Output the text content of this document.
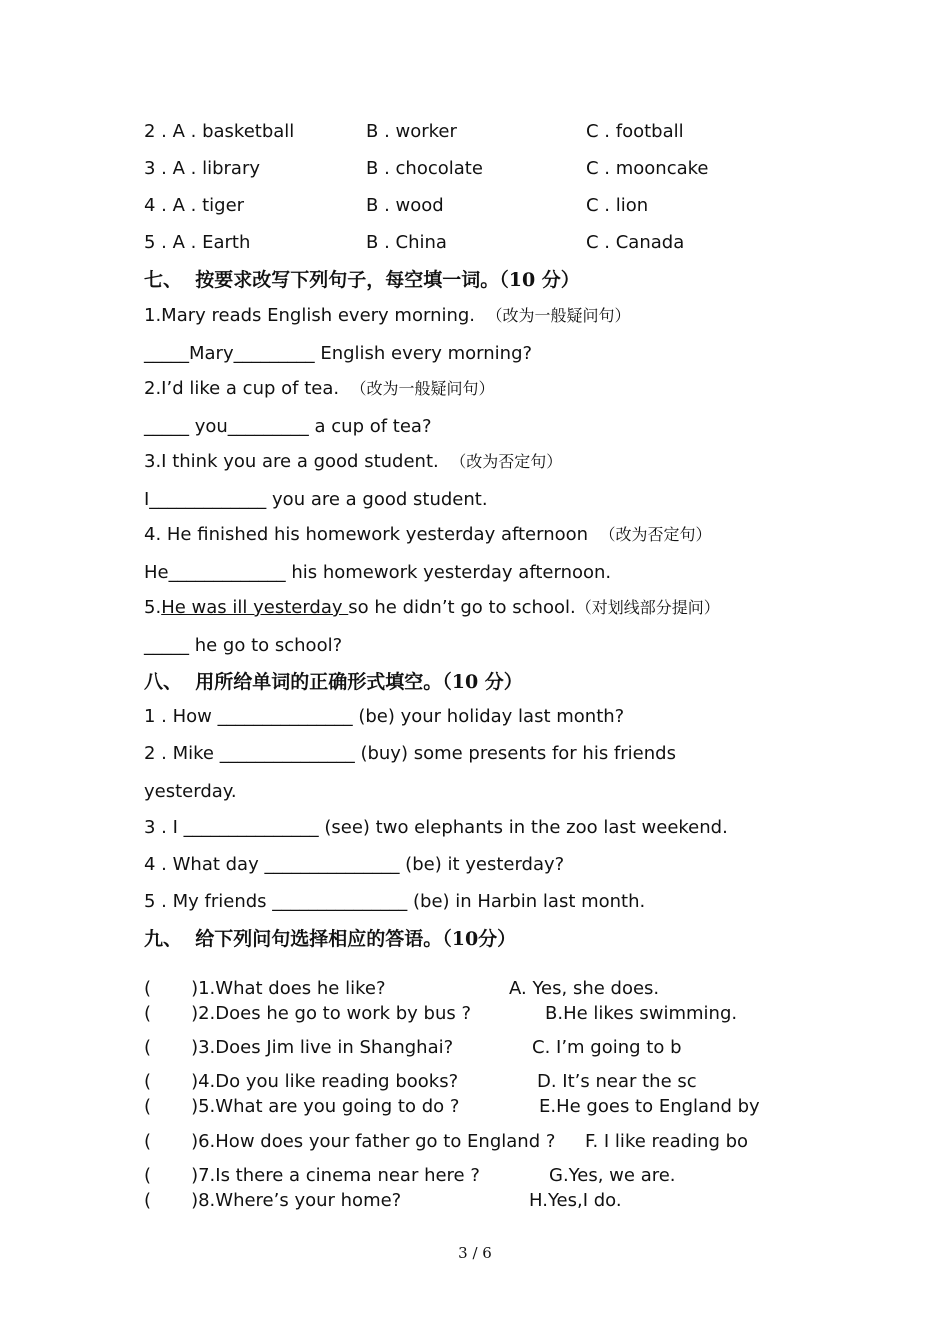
2 . A . basketball	B . worker	C . football
3 . A . library	B . chocolate	C . mooncake
4 . A . tiger	B . wood	C . lion
5 . A . Earth	B . China	C . Canada
七、  按要求改写下列句子，每空填一词。（10 分）
1.Mary reads English every morning.  （改为一般疑问句）
_____Mary_________ English every morning?
2.I’d like a cup of tea.  （改为一般疑问句）
_____ you_________ a cup of tea?
3.I think you are a good student.  （改为否定句）
I_____________ you are a good student.
4. He finished his homework yesterday afternoon  （改为否定句）
He_____________ his homework yesterday afternoon.
5.He was ill yesterday so he didn’t go to school.（对划线部分提问）
_____ he go to school?
八、  用所给单词的正确形式填空。（10 分）
1 . How _______________ (be) your holiday last month?
2 . Mike _______________ (buy) some presents for his friends
yesterday.
3 . I _______________ (see) two elephants in the zoo last weekend.
4 . What day _______________ (be) it yesterday?
5 . My friends _______________ (be) in Harbin last month.
九、  给下列问句选择相应的答语。（10分）
(       )1.What does he like?	A. Yes, she does.
(       )2.Does he go to work by bus ?	B.He likes swimming.
(       )3.Does Jim live in Shanghai?	C. I’m going to b
(       )4.Do you like reading books?	D. It’s near the sc
(       )5.What are you going to do ?	E.He goes to England by
(       )6.How does your father go to England ? F. I like reading bo
(       )7.Is there a cinema near here ?	G.Yes, we are.
(       )8.Where’s your home?	H.Yes,I do.
3 / 6
